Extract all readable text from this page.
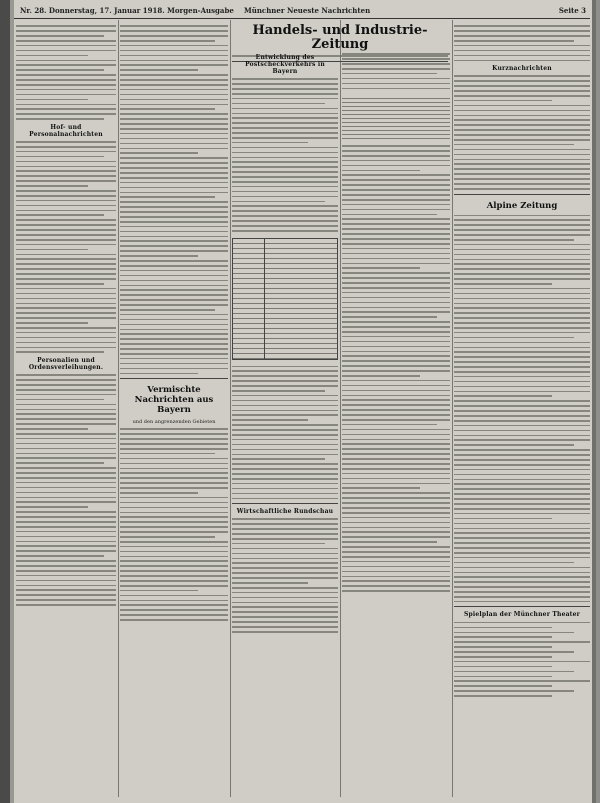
Nr. 28. Donnerstag, 17. Januar 1918. Morgen-Ausgabe Münchner Neueste Nachrichten	Seite 3
Hof- und Personalnachrichten
Personalien und Ordensverleihungen.
Vermischte Nachrichten aus Bayern
und den angrenzenden Gebieten
Handels- und Industrie-Zeitung
Entwicklung des Postscheckverkehrs in Bayern
Wirtschaftliche Rundschau
Kurznachrichten
Alpine Zeitung
Spielplan der Münchner Theater
